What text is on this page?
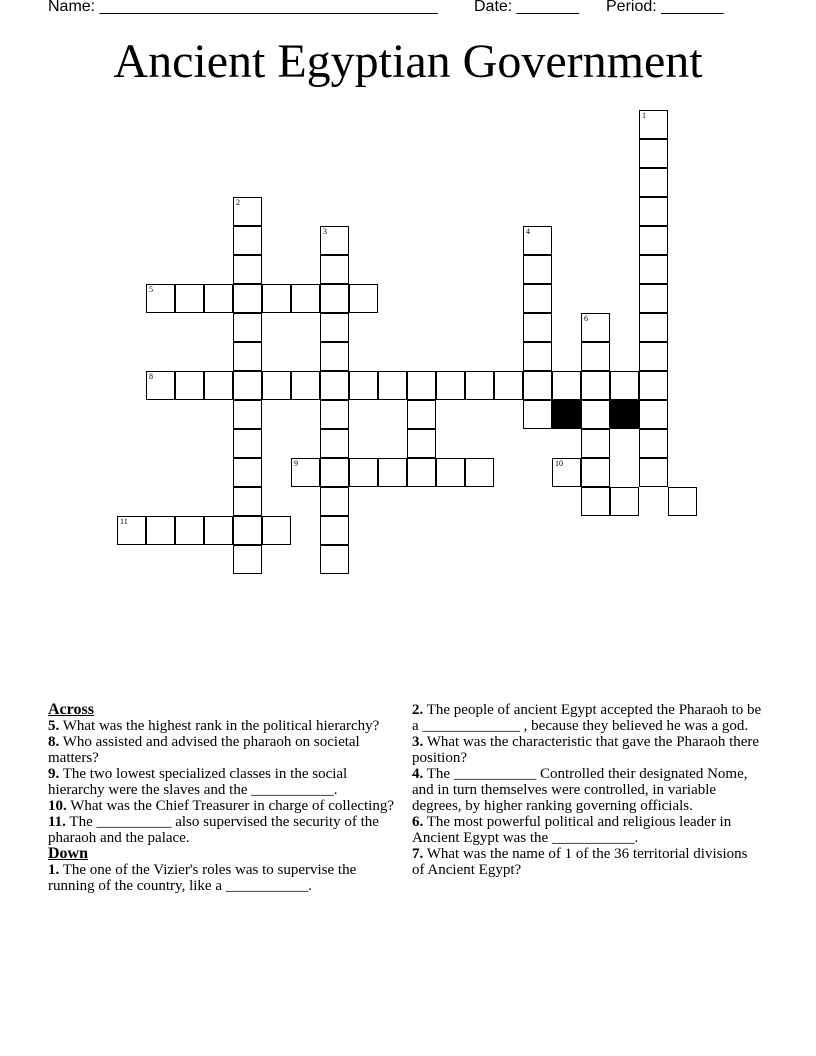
Name: ______________________________________ Date: _______ Period: _______
Ancient Egyptian Government
1
2
3	4
5
6
8
9	10
11
Across
5. What was the highest rank in the political hierarchy?
8. Who assisted and advised the pharaoh on societal matters?
9. The two lowest specialized classes in the social hierarchy were the slaves and the ___________.
10. What was the Chief Treasurer in charge of collecting?
11. The __________ also supervised the security of the pharaoh and the palace.
Down
1. The one of the Vizier's roles was to supervise the running of the country, like a ___________.
2. The people of ancient Egypt accepted the Pharaoh to be a _____________ , because they believed he was a god.
3. What was the characteristic that gave the Pharaoh there position?
4. The ___________ Controlled their designated Nome, and in turn themselves were controlled, in variable degrees, by higher ranking governing officials.
6. The most powerful political and religious leader in Ancient Egypt was the ___________.
7. What was the name of 1 of the 36 territorial divisions of Ancient Egypt?
